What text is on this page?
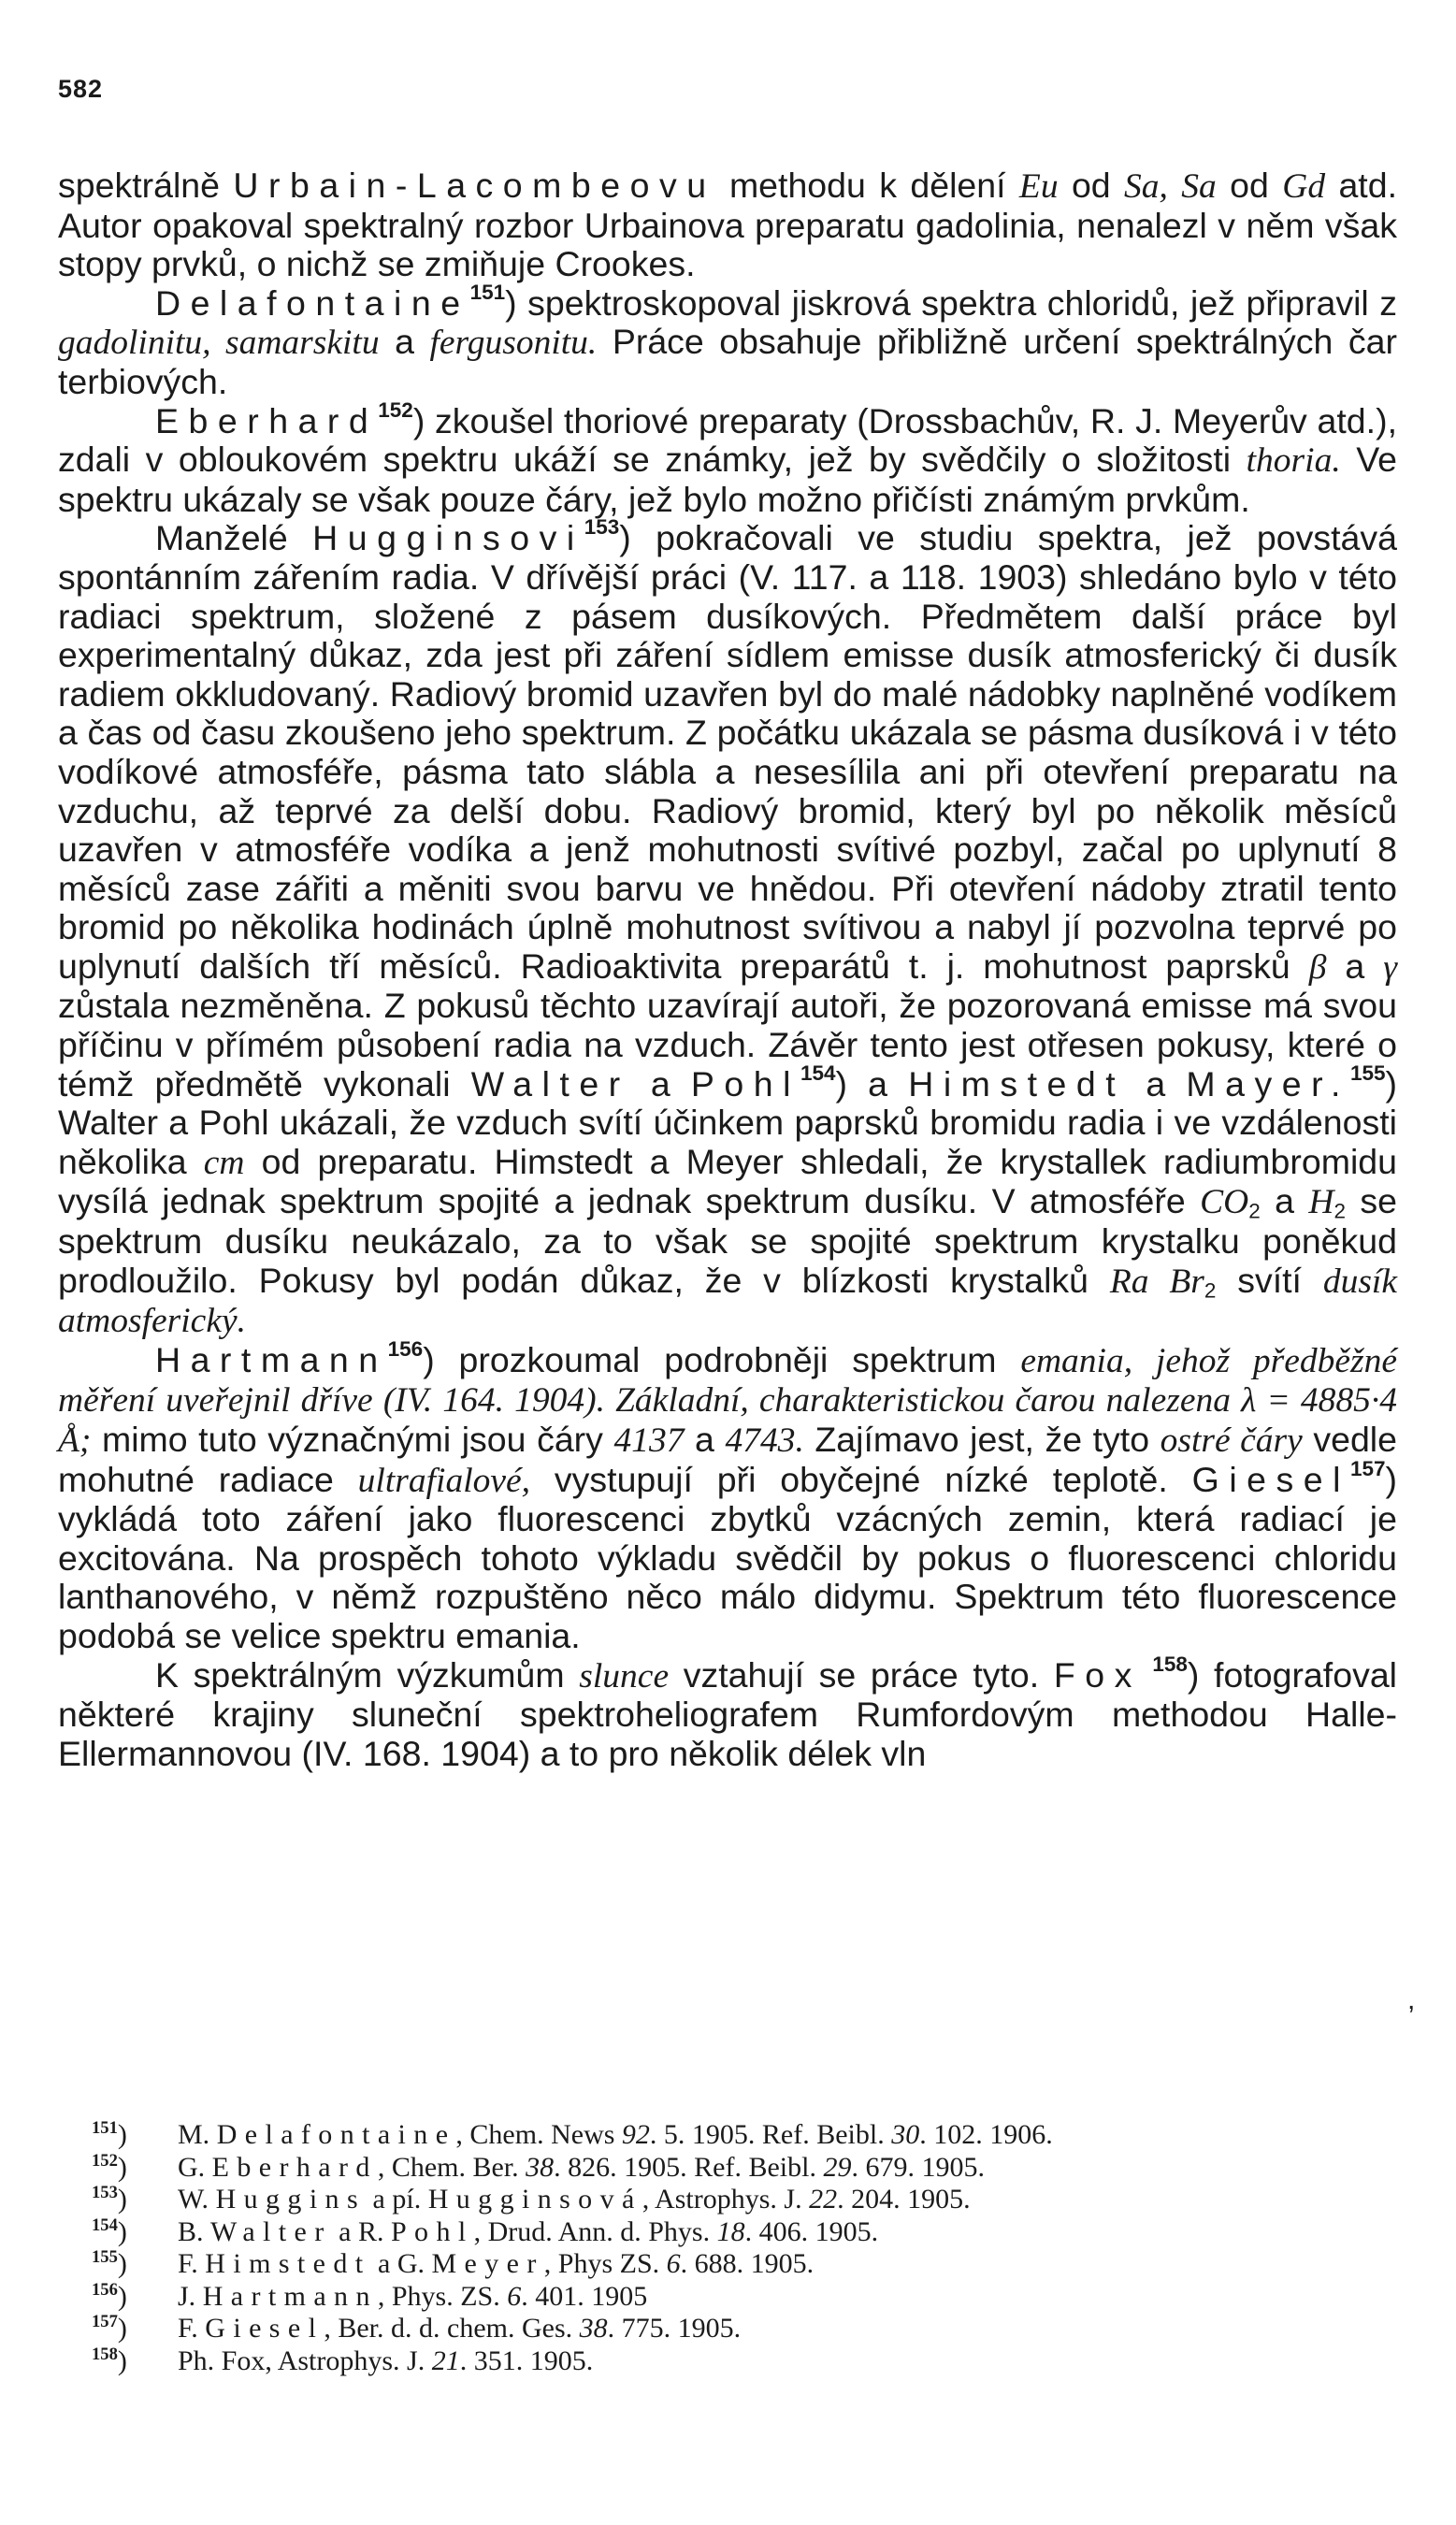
582

spektrálně Urbain-Lacombeovu methodu k dělení Eu od Sa, Sa od Gd atd. Autor opakoval spektralný rozbor Urbainova preparatu gadolinia, nenalezl v něm však stopy prvků, o nichž se zmiňuje Crookes.

Delafontaine$^{151}$) spektroskopoval jiskrová spektra chloridů, jež připravil z gadolinitu, samarskitu a fergusonitu. Práce obsahuje přibližně určení spektrálných čar terbiových.

Eberhard$^{152}$) zkoušel thoriové preparaty (Drossbachův, R. J. Meyerův atd.), zdali v obloukovém spektru ukáží se známky, jež by svědčily o složitosti thoria. Ve spektru ukázaly se však pouze čáry, jež bylo možno přičísti známým prvkům.

Manželé Hugginsovi$^{153}$) pokračovali ve studiu spektra, jež povstává spontánním zářením radia. V dřívější práci (V. 117. a 118. 1903) shledáno bylo v této radiaci spektrum, složené z pásem dusíkových. Předmětem další práce byl experimentalný důkaz, zda jest při záření sídlem emisse dusík atmosferický či dusík radiem okkludovaný. Radiový bromid uzavřen byl do malé nádobky naplněné vodíkem a čas od času zkoušeno jeho spektrum. Z počátku ukázala se pásma dusíková i v této vodíkové atmosféře, pásma tato slábla a nesesílila ani při otevření preparatu na vzduchu, až teprvé za delší dobu. Radiový bromid, který byl po několik měsíců uzavřen v atmosféře vodíka a jenž mohutnosti svítivé pozbyl, začal po uplynutí 8 měsíců zase zářiti a měniti svou barvu ve hnědou. Při otevření nádoby ztratil tento bromid po několika hodinách úplně mohutnost svítivou a nabyl jí pozvolna teprvé po uplynutí dalších tří měsíců. Radioaktivita preparátů t. j. mohutnost paprsků β a γ zůstala nezměněna. Z pokusů těchto uzavírají autoři, že pozorovaná emisse má svou příčinu v přímém působení radia na vzduch. Závěr tento jest otřesen pokusy, které o témž předmětě vykonali Walter a Pohl$^{154}$) a Himstedt a Mayer.$^{155}$) Walter a Pohl ukázali, že vzduch svítí účinkem paprsků bromidu radia i ve vzdálenosti několika cm od preparatu. Himstedt a Meyer shledali, že krystallek radiumbromidu vysílá jednak spektrum spojité a jednak spektrum dusíku. V atmosféře $CO_2$ a $H_2$ se spektrum dusíku neukázalo, za to však se spojité spektrum krystalku poněkud prodloužilo. Pokusy byl podán důkaz, že v blízkosti krystalků Ra $Br_2$ svítí dusík atmosferický.

Hartmann$^{156}$) prozkoumal podrobněji spektrum emania, jehož předběžné měření uveřejnil dříve (IV. 164. 1904). Základní, charakteristickou čarou nalezena λ = 4885·4 Å; mimo tuto význačnými jsou čáry 4137 a 4743. Zajímavo jest, že tyto ostré čáry vedle mohutné radiace ultrafialové, vystupují při obyčejné nízké teplotě. Giesel$^{157}$) vykládá toto záření jako fluorescenci zbytků vzácných zemin, která radiací je excitována. Na prospěch tohoto výkladu svědčil by pokus o fluorescenci chloridu lanthanového, v němž rozpuštěno něco málo didymu. Spektrum této fluorescence podobá se velice spektru emania.

K spektrálným výzkumům slunce vztahují se práce tyto. Fox $^{158}$) fotografoval některé krajiny sluneční spektroheliografem Rumfordovým methodou Halle-Ellermannovou (IV. 168. 1904) a to pro několik délek vln

,
$^{151}$)	M. Delafontaine, Chem. News 92. 5. 1905. Ref. Beibl. 30. 102. 1906.
$^{152}$)	G. Eberhard, Chem. Ber. 38. 826. 1905. Ref. Beibl. 29. 679. 1905.
$^{153}$)	W. Huggins a pí. Hugginsová, Astrophys. J. 22. 204. 1905.
$^{154}$)	B. Walter a R. Pohl, Drud. Ann. d. Phys. 18. 406. 1905.
$^{155}$)	F. Himstedt a G. Meyer, Phys ZS. 6. 688. 1905.
$^{156}$)	J. Hartmann, Phys. ZS. 6. 401. 1905
$^{157}$)	F. Giesel, Ber. d. d. chem. Ges. 38. 775. 1905.
$^{158}$)	Ph. Fox, Astrophys. J. 21. 351. 1905.
